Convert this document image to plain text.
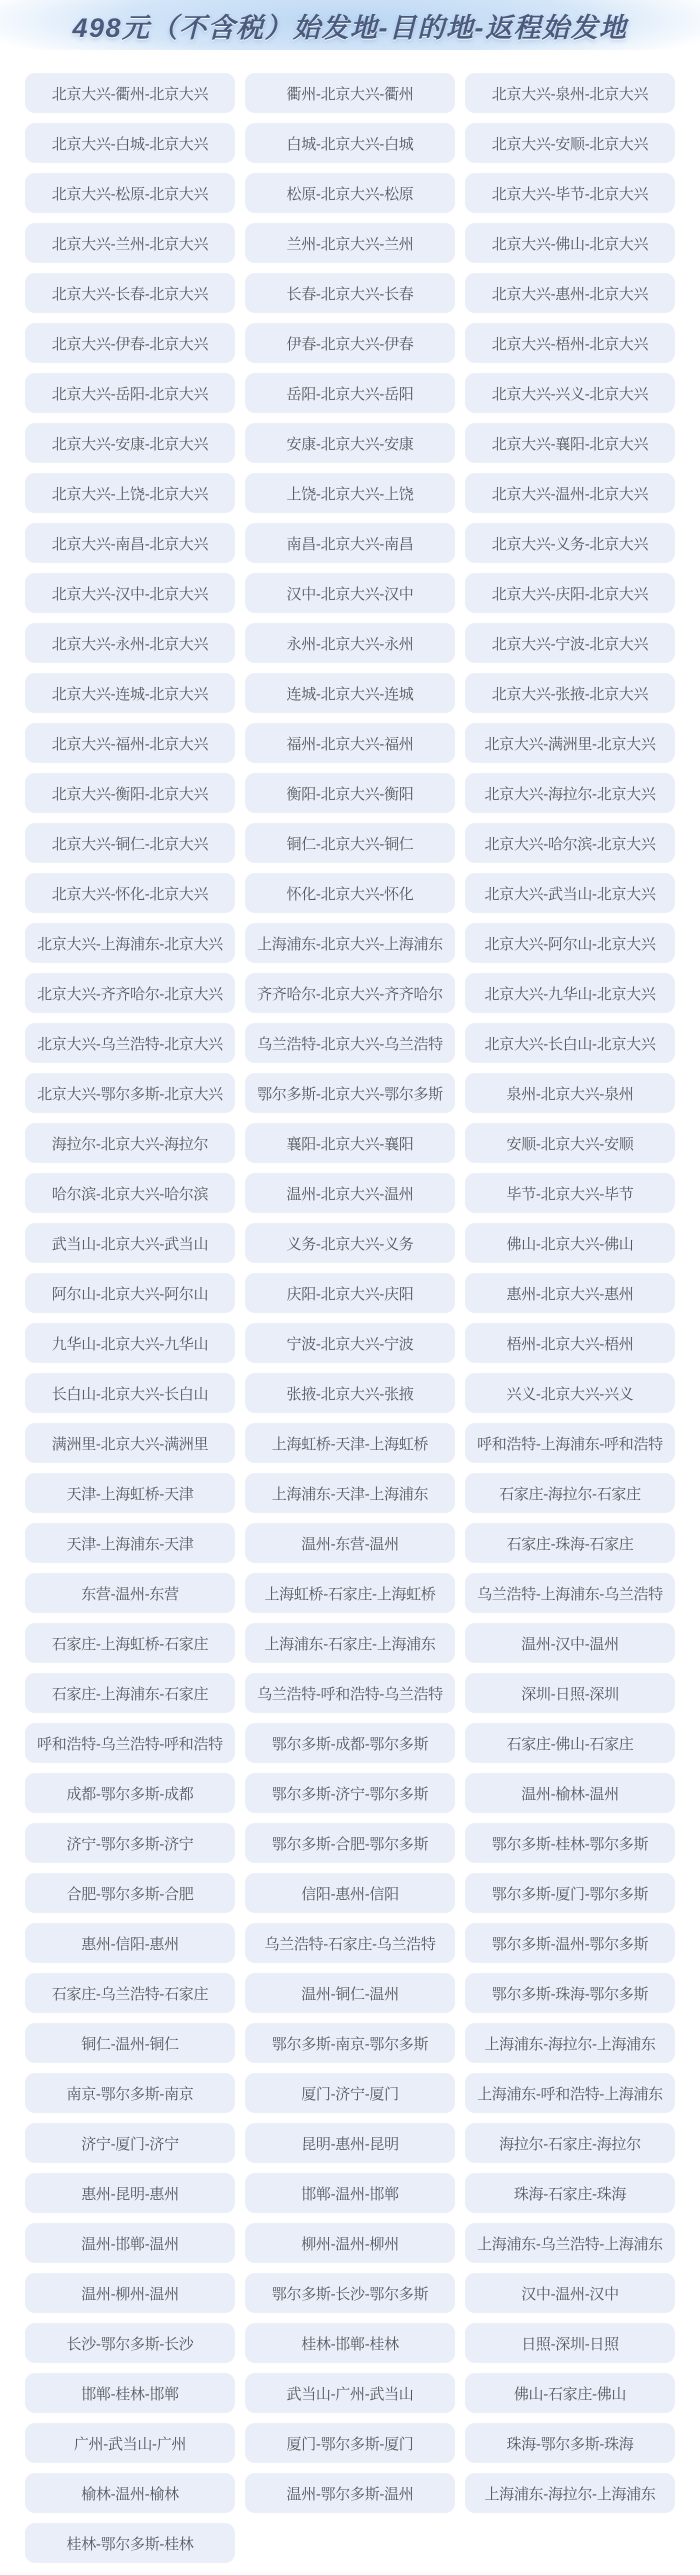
498元（不含税）始发地-目的地-返程始发地
北京大兴-衢州-北京大兴	衢州-北京大兴-衢州	北京大兴-泉州-北京大兴
北京大兴-白城-北京大兴	白城-北京大兴-白城	北京大兴-安顺-北京大兴
北京大兴-松原-北京大兴	松原-北京大兴-松原	北京大兴-毕节-北京大兴
北京大兴-兰州-北京大兴	兰州-北京大兴-兰州	北京大兴-佛山-北京大兴
北京大兴-长春-北京大兴	长春-北京大兴-长春	北京大兴-惠州-北京大兴
北京大兴-伊春-北京大兴	伊春-北京大兴-伊春	北京大兴-梧州-北京大兴
北京大兴-岳阳-北京大兴	岳阳-北京大兴-岳阳	北京大兴-兴义-北京大兴
北京大兴-安康-北京大兴	安康-北京大兴-安康	北京大兴-襄阳-北京大兴
北京大兴-上饶-北京大兴	上饶-北京大兴-上饶	北京大兴-温州-北京大兴
北京大兴-南昌-北京大兴	南昌-北京大兴-南昌	北京大兴-义务-北京大兴
北京大兴-汉中-北京大兴	汉中-北京大兴-汉中	北京大兴-庆阳-北京大兴
北京大兴-永州-北京大兴	永州-北京大兴-永州	北京大兴-宁波-北京大兴
北京大兴-连城-北京大兴	连城-北京大兴-连城	北京大兴-张掖-北京大兴
北京大兴-福州-北京大兴	福州-北京大兴-福州	北京大兴-满洲里-北京大兴
北京大兴-衡阳-北京大兴	衡阳-北京大兴-衡阳	北京大兴-海拉尔-北京大兴
北京大兴-铜仁-北京大兴	铜仁-北京大兴-铜仁	北京大兴-哈尔滨-北京大兴
北京大兴-怀化-北京大兴	怀化-北京大兴-怀化	北京大兴-武当山-北京大兴
北京大兴-上海浦东-北京大兴	上海浦东-北京大兴-上海浦东	北京大兴-阿尔山-北京大兴
北京大兴-齐齐哈尔-北京大兴	齐齐哈尔-北京大兴-齐齐哈尔	北京大兴-九华山-北京大兴
北京大兴-乌兰浩特-北京大兴	乌兰浩特-北京大兴-乌兰浩特	北京大兴-长白山-北京大兴
北京大兴-鄂尔多斯-北京大兴	鄂尔多斯-北京大兴-鄂尔多斯	泉州-北京大兴-泉州
海拉尔-北京大兴-海拉尔	襄阳-北京大兴-襄阳	安顺-北京大兴-安顺
哈尔滨-北京大兴-哈尔滨	温州-北京大兴-温州	毕节-北京大兴-毕节
武当山-北京大兴-武当山	义务-北京大兴-义务	佛山-北京大兴-佛山
阿尔山-北京大兴-阿尔山	庆阳-北京大兴-庆阳	惠州-北京大兴-惠州
九华山-北京大兴-九华山	宁波-北京大兴-宁波	梧州-北京大兴-梧州
长白山-北京大兴-长白山	张掖-北京大兴-张掖	兴义-北京大兴-兴义
满洲里-北京大兴-满洲里	上海虹桥-天津-上海虹桥	呼和浩特-上海浦东-呼和浩特
天津-上海虹桥-天津	上海浦东-天津-上海浦东	石家庄-海拉尔-石家庄
天津-上海浦东-天津	温州-东营-温州	石家庄-珠海-石家庄
东营-温州-东营	上海虹桥-石家庄-上海虹桥	乌兰浩特-上海浦东-乌兰浩特
石家庄-上海虹桥-石家庄	上海浦东-石家庄-上海浦东	温州-汉中-温州
石家庄-上海浦东-石家庄	乌兰浩特-呼和浩特-乌兰浩特	深圳-日照-深圳
呼和浩特-乌兰浩特-呼和浩特	鄂尔多斯-成都-鄂尔多斯	石家庄-佛山-石家庄
成都-鄂尔多斯-成都	鄂尔多斯-济宁-鄂尔多斯	温州-榆林-温州
济宁-鄂尔多斯-济宁	鄂尔多斯-合肥-鄂尔多斯	鄂尔多斯-桂林-鄂尔多斯
合肥-鄂尔多斯-合肥	信阳-惠州-信阳	鄂尔多斯-厦门-鄂尔多斯
惠州-信阳-惠州	乌兰浩特-石家庄-乌兰浩特	鄂尔多斯-温州-鄂尔多斯
石家庄-乌兰浩特-石家庄	温州-铜仁-温州	鄂尔多斯-珠海-鄂尔多斯
铜仁-温州-铜仁	鄂尔多斯-南京-鄂尔多斯	上海浦东-海拉尔-上海浦东
南京-鄂尔多斯-南京	厦门-济宁-厦门	上海浦东-呼和浩特-上海浦东
济宁-厦门-济宁	昆明-惠州-昆明	海拉尔-石家庄-海拉尔
惠州-昆明-惠州	邯郸-温州-邯郸	珠海-石家庄-珠海
温州-邯郸-温州	柳州-温州-柳州	上海浦东-乌兰浩特-上海浦东
温州-柳州-温州	鄂尔多斯-长沙-鄂尔多斯	汉中-温州-汉中
长沙-鄂尔多斯-长沙	桂林-邯郸-桂林	日照-深圳-日照
邯郸-桂林-邯郸	武当山-广州-武当山	佛山-石家庄-佛山
广州-武当山-广州	厦门-鄂尔多斯-厦门	珠海-鄂尔多斯-珠海
榆林-温州-榆林	温州-鄂尔多斯-温州	上海浦东-海拉尔-上海浦东
桂林-鄂尔多斯-桂林
